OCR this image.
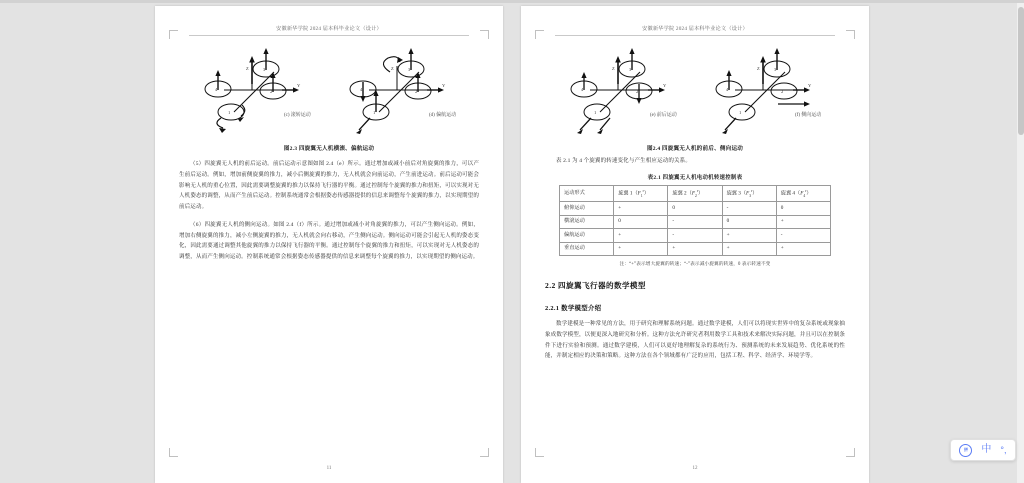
安徽新华学院 2024 届本科毕业论文（设计）
4	2
3
1
Z
Y
4	2
3
1
Z
Y
(c) 滚转运动	(d) 偏航运动
图2.3 四旋翼无人机横滚、偏航运动

（5）四旋翼无人机的前后运动。前后运动示意图如图 2.4（e）所示。通过增加或减小前后对角旋翼的推力，可以产生前后运动。例如，增加前侧旋翼的推力，减小后侧旋翼的推力，无人机就会向前运动，产生前进运动。前后运动可能会影响无人机的重心位置，因此需要调整旋翼的推力以保持飞行器的平衡。通过控制每个旋翼的推力和扭矩，可以实现对无人机姿态的调整，从而产生前后运动。控制系统通常会根据姿态传感器提供的信息来调整每个旋翼的推力，以实现期望的前后运动。

（6）四旋翼无人机的侧向运动。如图 2.4（f）所示。通过增加或减小对角旋翼的推力，可以产生侧向运动。例如，增加右侧旋翼的推力，减小左侧旋翼的推力，无人机就会向右移动，产生侧向运动。侧向运动可能会引起无人机的姿态变化，因此需要通过调整其他旋翼的推力以保持飞行器的平衡。通过控制每个旋翼的推力和扭矩，可以实现对无人机姿态的调整，从而产生侧向运动。控制系统通常会根据姿态传感器提供的信息来调整每个旋翼的推力，以实现期望的侧向运动。

11
安徽新华学院 2024 届本科毕业论文（设计）
4	2
3
1
Z
Y
4	2
3
1
Z
Y
(e) 前后运动	(f) 侧向运动
图2.4 四旋翼无人机的前后、侧向运动

表 2.1 为 4 个旋翼的转速变化与产生相应运动的关系。

表2.1 四旋翼无人机电动机转速控制表
运动形式	旋翼 $1(F_1^r)$	旋翼 $2(F_2^r)$	旋翼 $3(F_3^r)$	旋翼 $4(F_4^r)$
俯仰运动	+	0	-	0
横滚运动	0	-	0	+
偏航运动	+	-	+	-
垂直运动	+	+	+	+
注：“+”表示增大旋翼的转速；“-”表示减小旋翼的转速，0 表示转速不变
2.2 四旋翼飞行器的数学模型
2.2.1 数学模型介绍

数学建模是一种常见的方法，用于研究和理解系统问题。通过数学建模，人们可以将现实世界中的复杂系统或现象抽象成数学模型，以便更深入地研究和分析。这种方法允许研究者利用数学工具和技术来解决实际问题，并且可以在控制条件下进行实验和预测。通过数学建模，人们可以更好地理解复杂的系统行为、预测系统的未来发展趋势、优化系统的性能，并制定相应的决策和策略。这种方法在各个领域都有广泛的应用，包括工程、科学、经济学、环境学等。

12
拼	中 °,
